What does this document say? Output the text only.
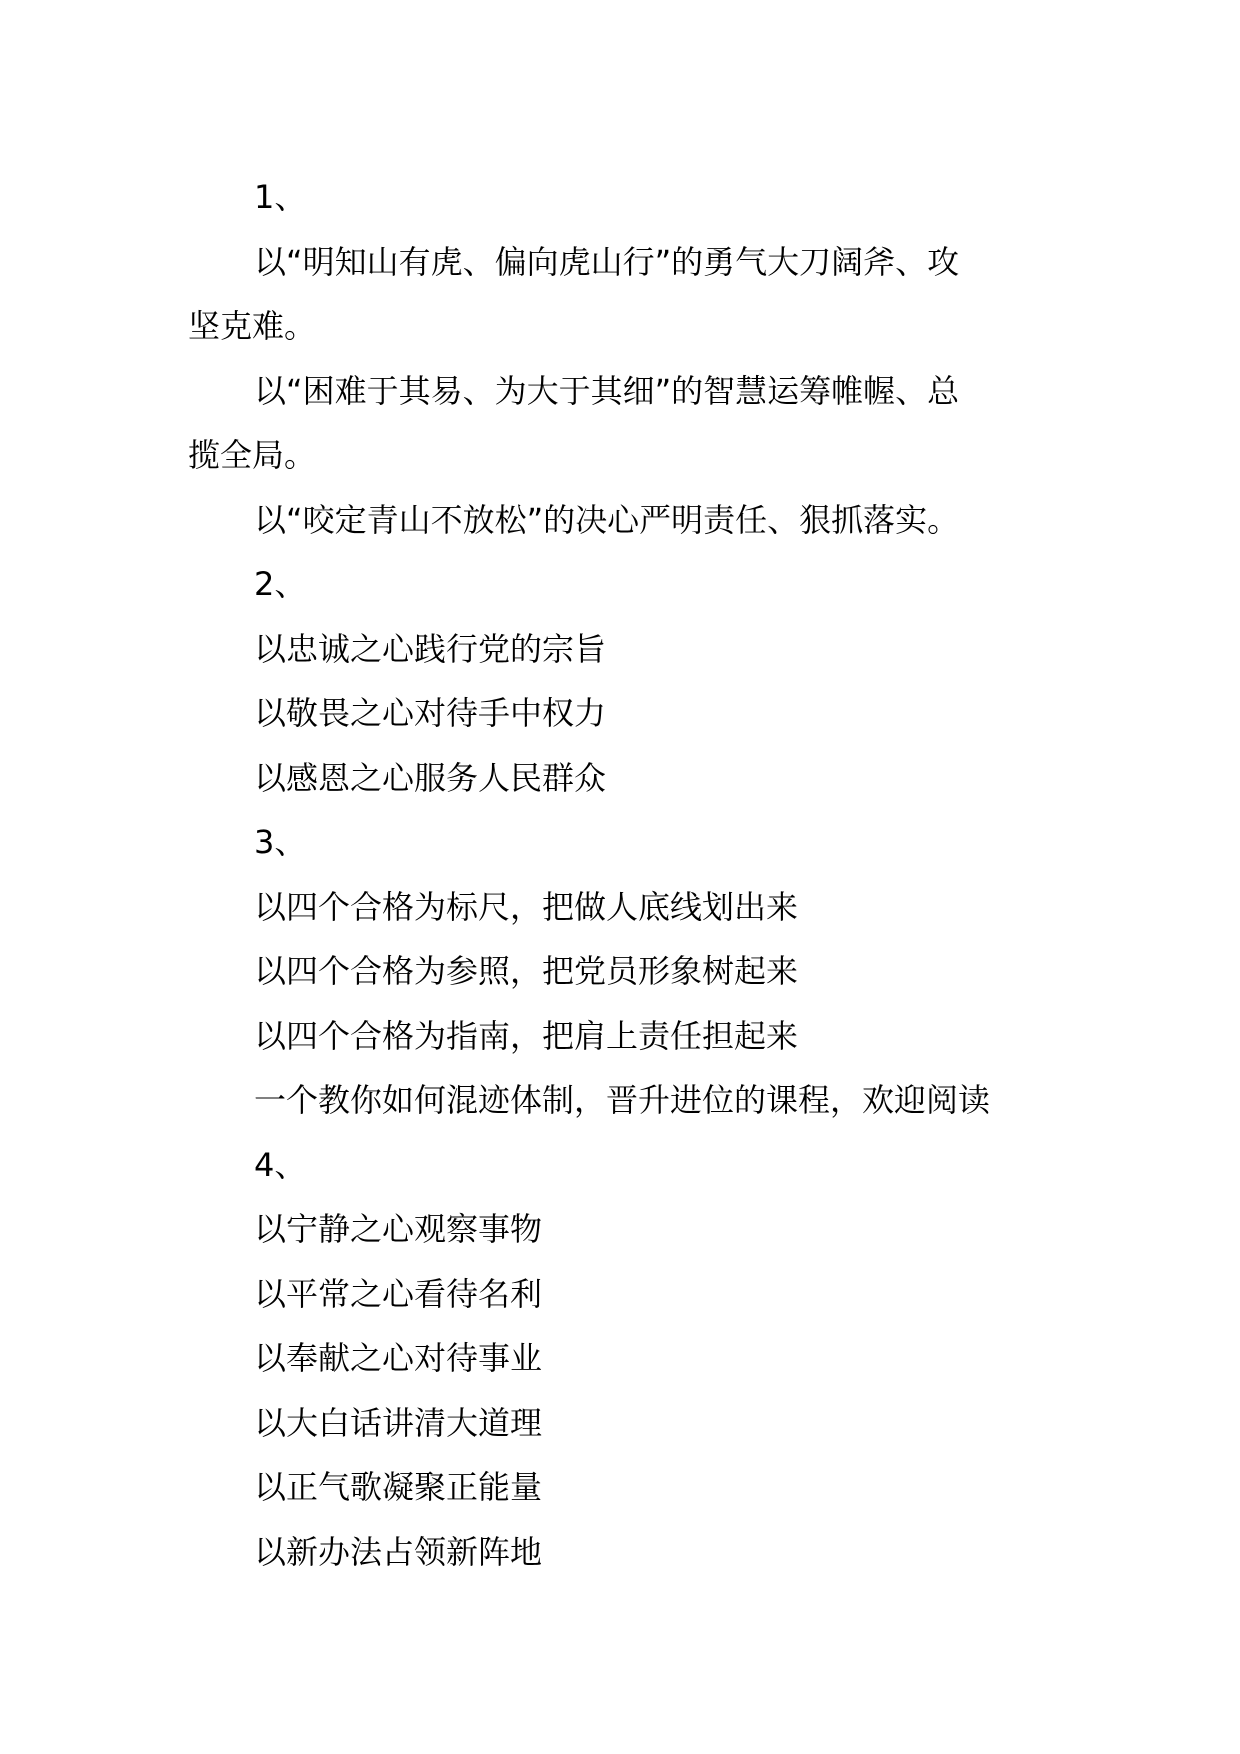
1、

以“明知山有虎、偏向虎山行”的勇气大刀阔斧、攻

坚克难。

以“困难于其易、为大于其细”的智慧运筹帷幄、总

揽全局。

以“咬定青山不放松”的决心严明责任、狠抓落实。

2、

以忠诚之心践行党的宗旨

以敬畏之心对待手中权力

以感恩之心服务人民群众

3、

以四个合格为标尺，把做人底线划出来

以四个合格为参照，把党员形象树起来

以四个合格为指南，把肩上责任担起来

一个教你如何混迹体制，晋升进位的课程，欢迎阅读

4、

以宁静之心观察事物

以平常之心看待名利

以奉献之心对待事业

以大白话讲清大道理

以正气歌凝聚正能量

以新办法占领新阵地
